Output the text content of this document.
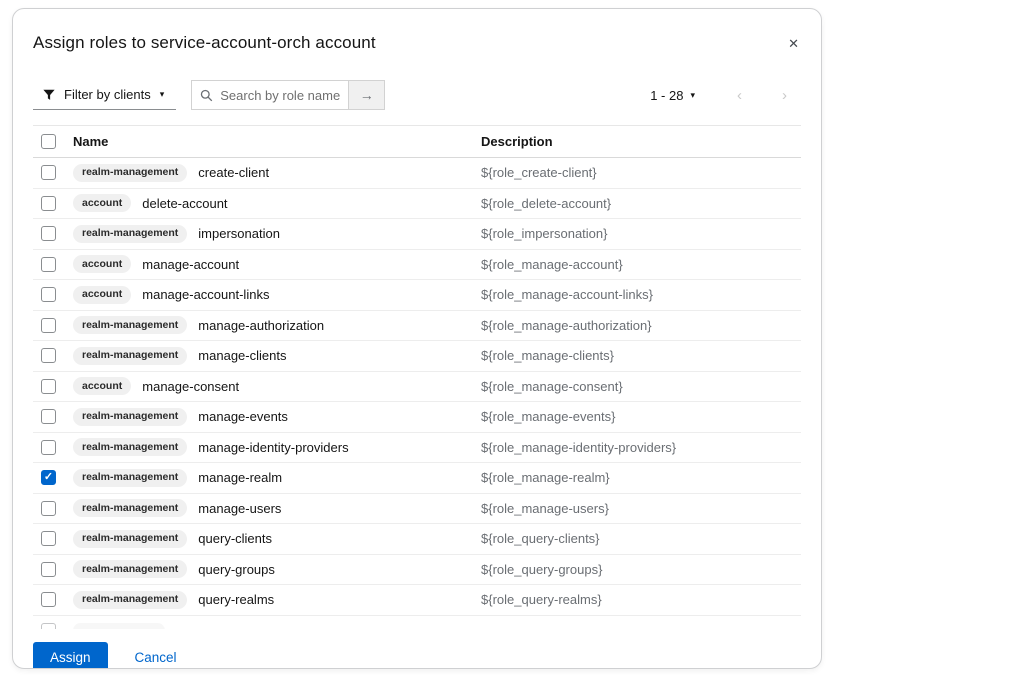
Assign roles to service-account-orch account	✕
Filter by clients ▾
Search by role name	→	1 - 28 ▾	‹	›
Name	Description
realm-management	create-client	${role_create-client}
account	delete-account	${role_delete-account}
realm-management	impersonation	${role_impersonation}
account	manage-account	${role_manage-account}
account	manage-account-links	${role_manage-account-links}
realm-management	manage-authorization	${role_manage-authorization}
realm-management	manage-clients	${role_manage-clients}
account	manage-consent	${role_manage-consent}
realm-management	manage-events	${role_manage-events}
realm-management	manage-identity-providers	${role_manage-identity-providers}
✓	realm-management	manage-realm	${role_manage-realm}
realm-management	manage-users	${role_manage-users}
realm-management	query-clients	${role_query-clients}
realm-management	query-groups	${role_query-groups}
realm-management	query-realms	${role_query-realms}
Assign	Cancel
